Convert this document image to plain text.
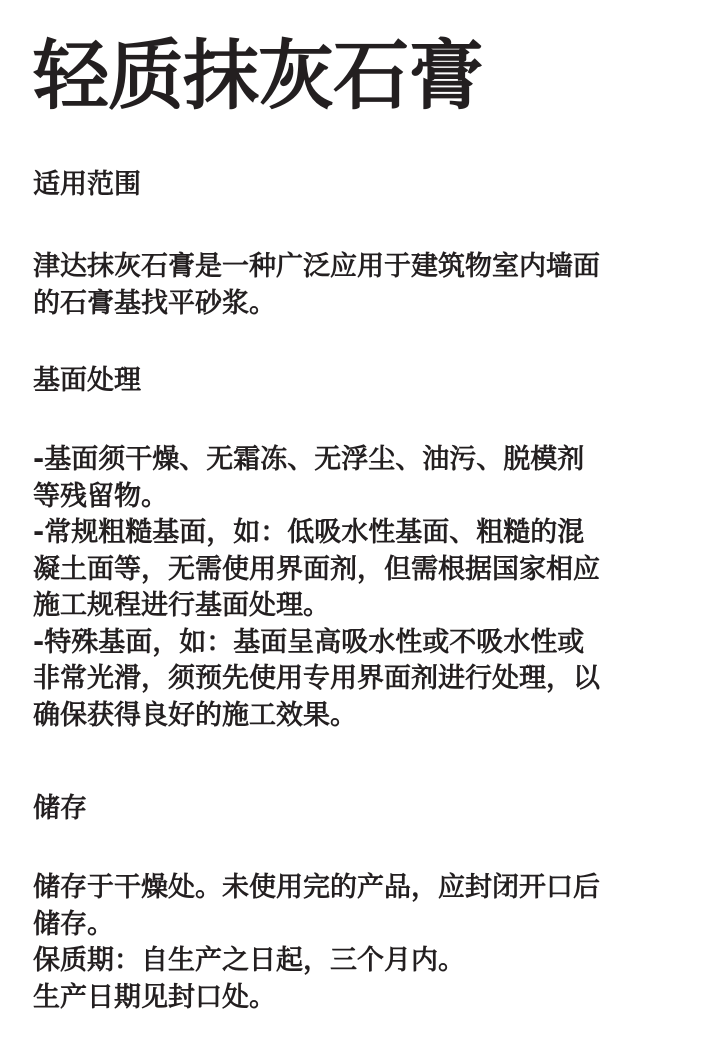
轻质抹灰石膏
适用范围
津达抹灰石膏是一种广泛应用于建筑物室内墙面
的石膏基找平砂浆。
基面处理
-基面须干燥、无霜冻、无浮尘、油污、脱模剂
等残留物。
-常规粗糙基面，如：低吸水性基面、粗糙的混
凝土面等，无需使用界面剂，但需根据国家相应
施工规程进行基面处理。
-特殊基面，如：基面呈高吸水性或不吸水性或
非常光滑，须预先使用专用界面剂进行处理，以
确保获得良好的施工效果。
储存
储存于干燥处。未使用完的产品，应封闭开口后
储存。
保质期：自生产之日起，三个月内。
生产日期见封口处。
